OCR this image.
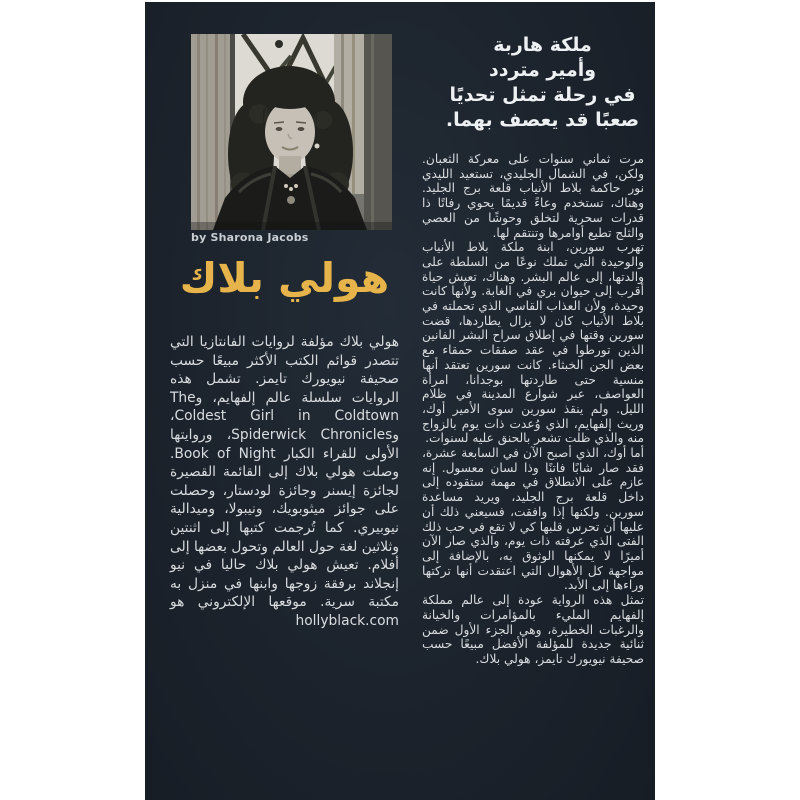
by Sharona Jacobs
ملكة هاربة
وأمير متردد
في رحلة تمثل تحديًا
صعبًا قد يعصف بهما.
هولي بلاك
هولي بلاك مؤلفة لروايات الفانتازيا التي تتصدر قوائم الكتب الأكثر مبيعًا حسب صحيفة نيويورك تايمز. تشمل هذه الروايات سلسلة عالم إلفهايم، وThe Coldest Girl in Coldtown، وSpiderwick Chronicles، وروايتها الأولى للقراء الكبار Book of Night. وصلت هولي بلاك إلى القائمة القصيرة لجائزة إيسنر وجائزة لودستار، وحصلت على جوائز ميثوبويك، ونيبولا، وميدالية نيوبيري. كما تُرجمت كتبها إلى اثنتين وثلاثين لغة حول العالم وتحول بعضها إلى أفلام. تعيش هولي بلاك حاليا في نيو إنجلاند برفقة زوجها وابنها في منزل به مكتبة سرية. موقعها الإلكتروني هو hollyblack.com

مرت ثماني سنوات على معركة الثعبان. ولكن، في الشمال الجليدي، تستعيد الليدي نور حاكمة بلاط الأنياب قلعة برج الجليد. وهناك، تستخدم وعاءً قديمًا يحوي رفاتًا ذا قدرات سحرية لتخلق وحوشًا من العصي والثلج تطيع أوامرها وتنتقم لها.

تهرب سورين، ابنة ملكة بلاط الأنياب والوحيدة التي تملك نوعًا من السلطة على والدتها، إلى عالم البشر. وهناك، تعيش حياة أقرب إلى حيوان بري في الغابة. ولأنها كانت وحيدة، ولأن العذاب القاسي الذي تحملته في بلاط الأنياب كان لا يزال يطاردها، قضت سورين وقتها في إطلاق سراح البشر الفانين الذين تورطوا في عقد صفقات حمقاء مع بعض الجن الخبثاء. كانت سورين تعتقد أنها منسية حتى طاردتها بوجدانا، امرأة العواصف، عبر شوارع المدينة في ظلام الليل. ولم ينقذ سورين سوى الأمير أوك، وريث إلفهايم، الذي وُعدت ذات يوم بالزواج منه والذي ظلت تشعر بالحنق عليه لسنوات.

أما أوك، الذي أصبح الآن في السابعة عشرة، فقد صار شابًا فاتنًا وذا لسان معسول. إنه عازم على الانطلاق في مهمة ستقوده إلى داخل قلعة برج الجليد، ويريد مساعدة سورين. ولكنها إذا وافقت، فسيعني ذلك أن عليها أن تحرس قلبها كي لا تقع في حب ذلك الفتى الذي عرفته ذات يوم، والذي صار الآن أميرًا لا يمكنها الوثوق به، بالإضافة إلى مواجهة كل الأهوال التي اعتقدت أنها تركتها وراءها إلى الأبد.

تمثل هذه الرواية عودة إلى عالم مملكة إلفهايم المليء بالمؤامرات والخيانة والرغبات الخطيرة، وهي الجزء الأول ضمن ثنائية جديدة للمؤلفة الأفضل مبيعًا حسب صحيفة نيويورك تايمز، هولي بلاك.
